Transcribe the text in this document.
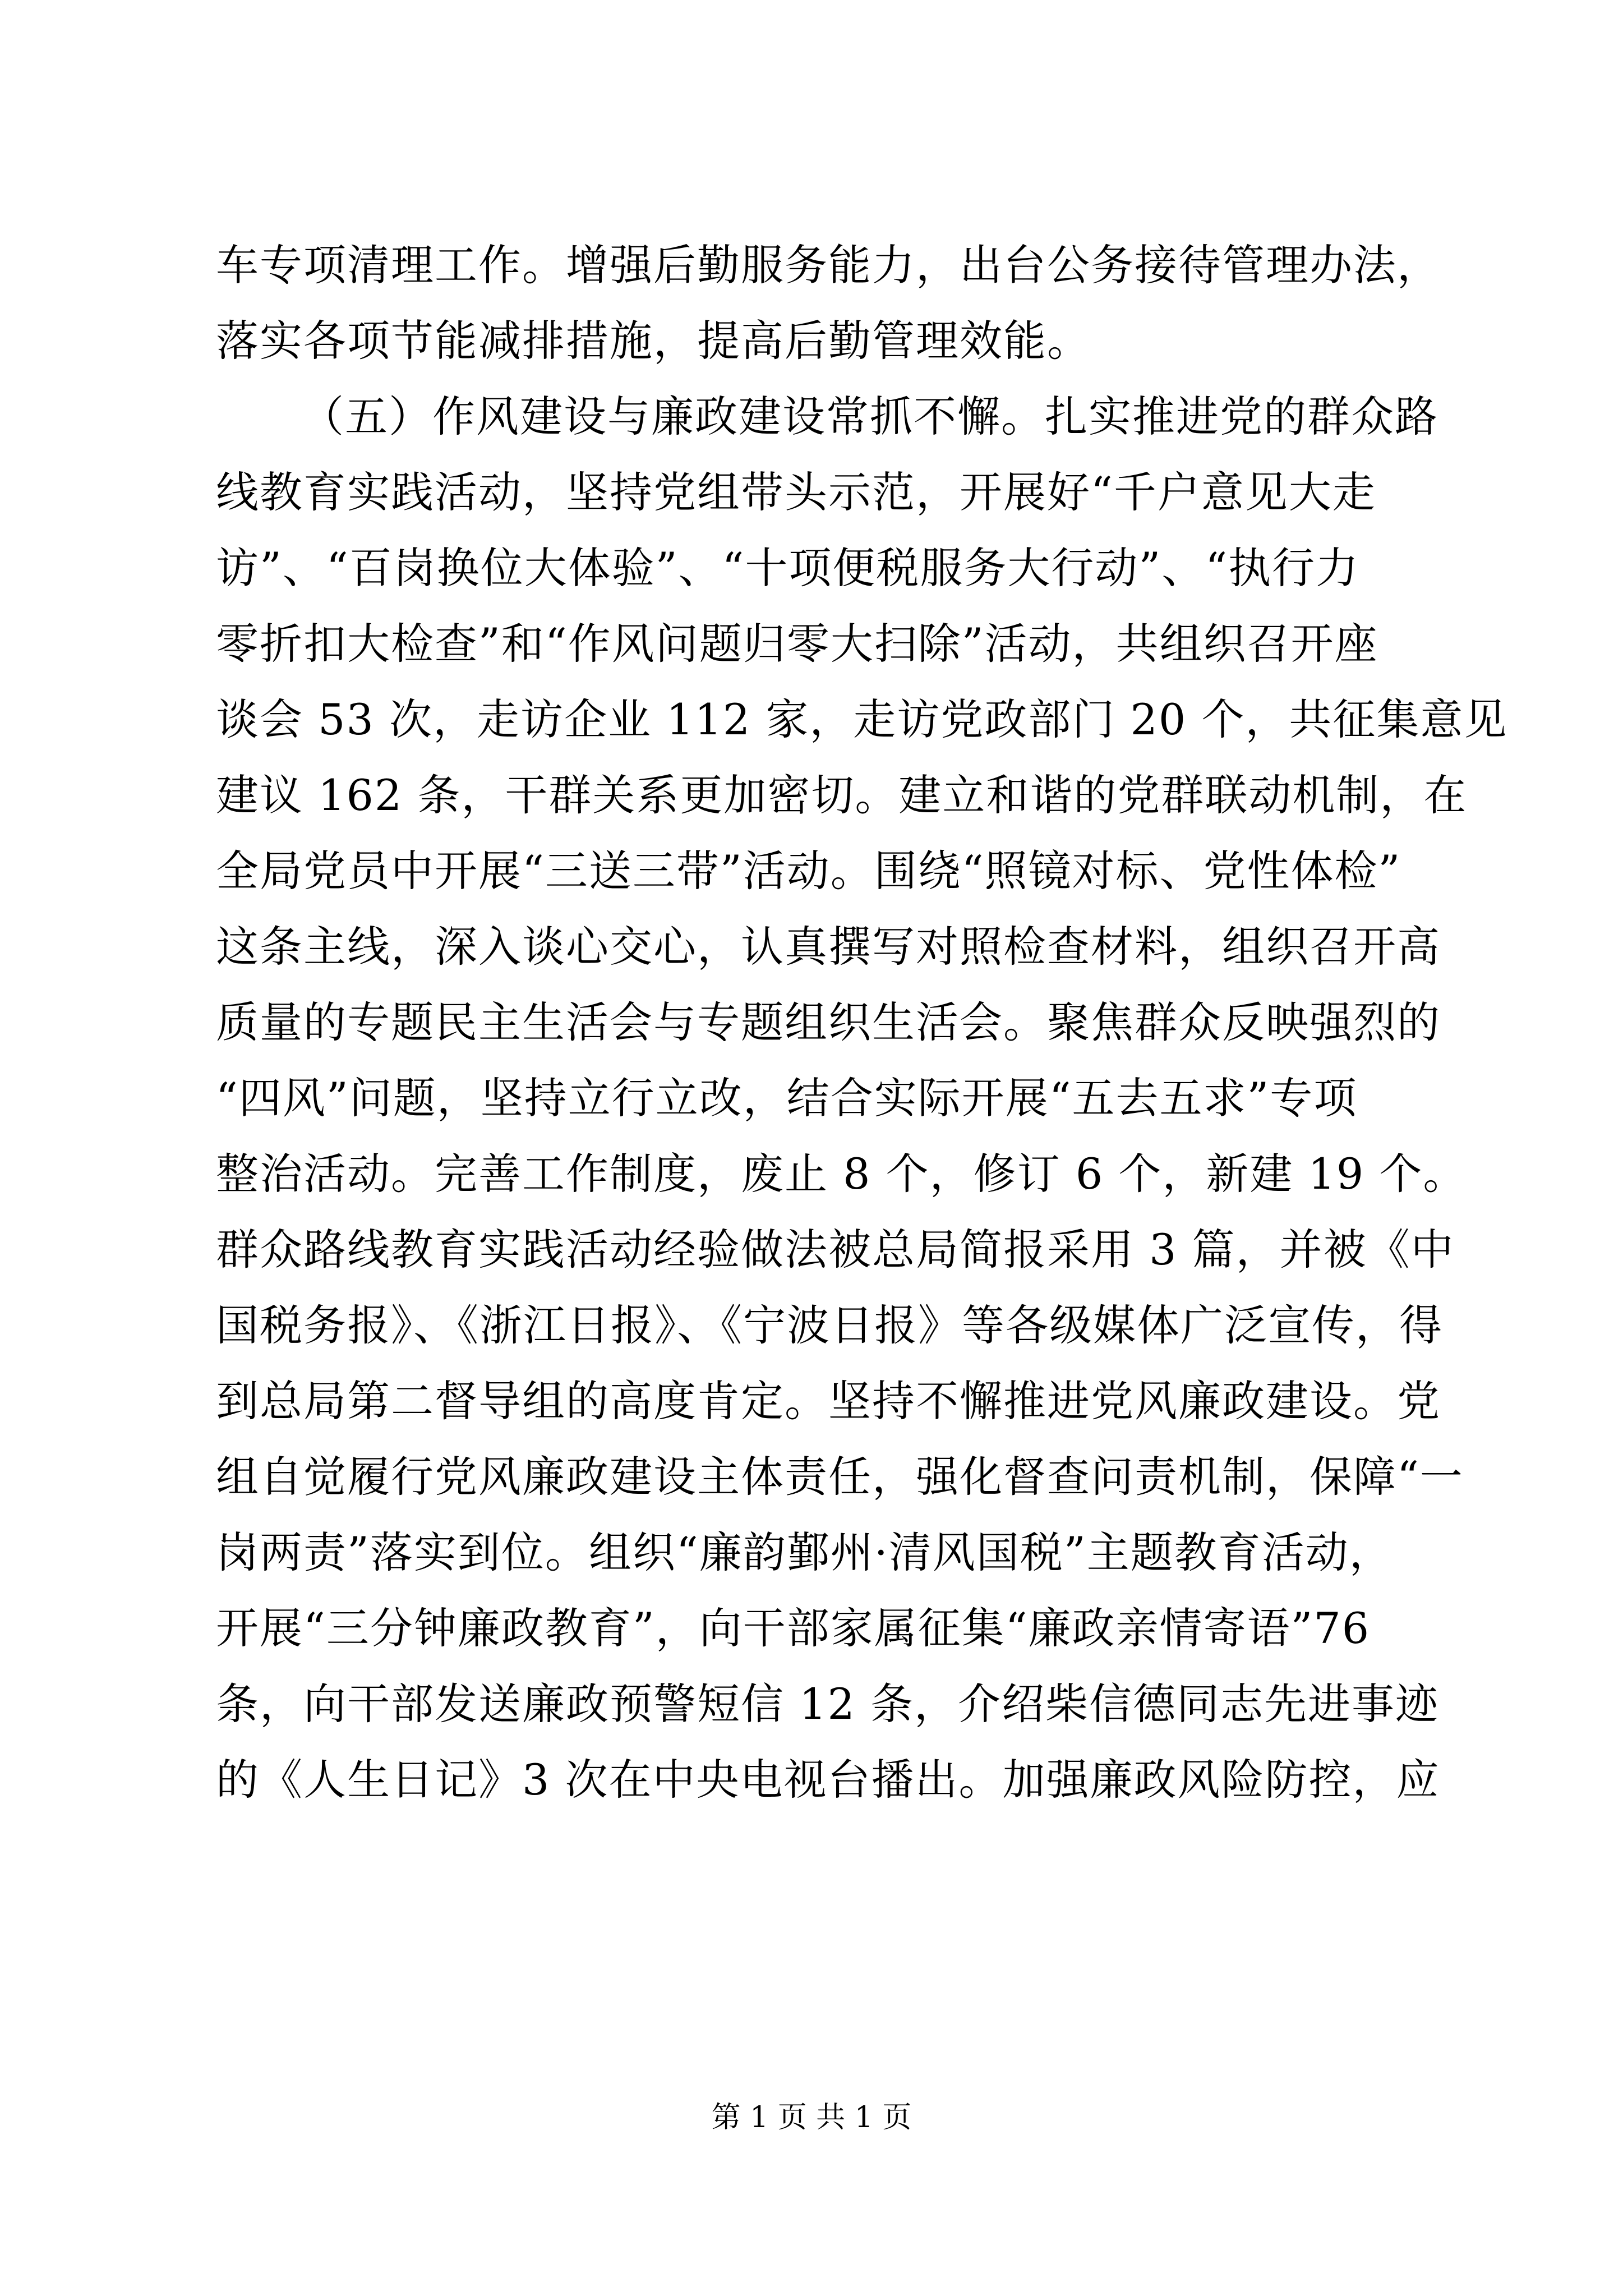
车专项清理工作。增强后勤服务能力，出台公务接待管理办法，
落实各项节能减排措施，提高后勤管理效能。
（五）作风建设与廉政建设常抓不懈。扎实推进党的群众路
线教育实践活动，坚持党组带头示范，开展好“千户意见大走
访”、“百岗换位大体验”、“十项便税服务大行动”、“执行力
零折扣大检查”和“作风问题归零大扫除”活动，共组织召开座
谈会 53 次，走访企业 112 家，走访党政部门 20 个，共征集意见
建议 162 条，干群关系更加密切。建立和谐的党群联动机制，在
全局党员中开展“三送三带”活动。围绕“照镜对标、党性体检”
这条主线，深入谈心交心，认真撰写对照检查材料，组织召开高
质量的专题民主生活会与专题组织生活会。聚焦群众反映强烈的
“四风”问题，坚持立行立改，结合实际开展“五去五求”专项
整治活动。完善工作制度，废止 8 个，修订 6 个，新建 19 个。
群众路线教育实践活动经验做法被总局简报采用 3 篇，并被《中
国税务报》、《浙江日报》、《宁波日报》等各级媒体广泛宣传，得
到总局第二督导组的高度肯定。坚持不懈推进党风廉政建设。党
组自觉履行党风廉政建设主体责任，强化督查问责机制，保障“一
岗两责”落实到位。组织“廉韵鄞州·清风国税”主题教育活动，
开展“三分钟廉政教育”，向干部家属征集“廉政亲情寄语”76
条，向干部发送廉政预警短信 12 条，介绍柴信德同志先进事迹
的《人生日记》3 次在中央电视台播出。加强廉政风险防控，应
第 1 页 共 1 页
